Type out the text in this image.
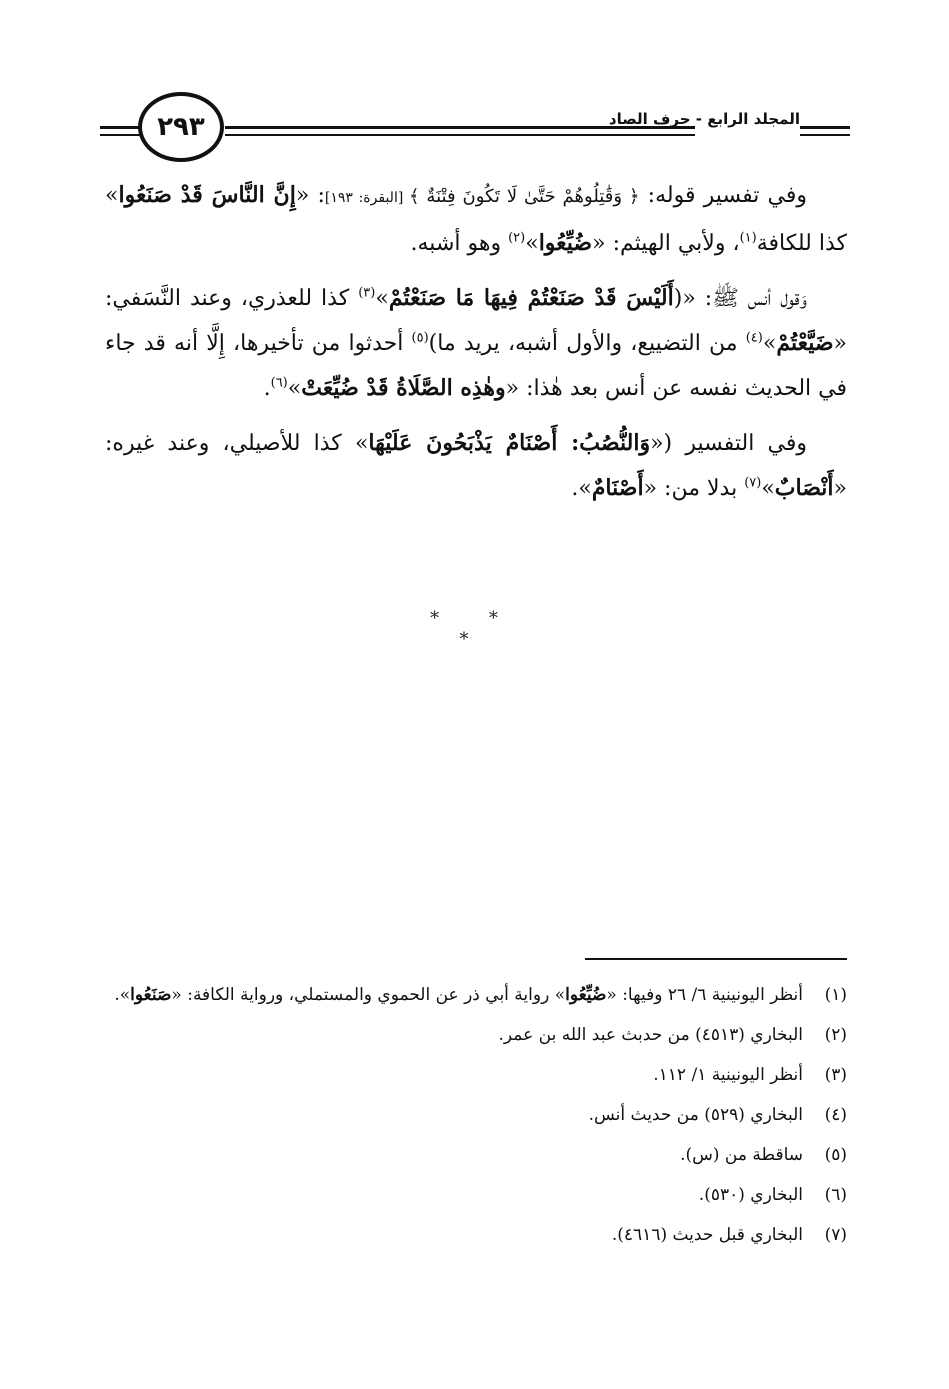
٢٩٣	المجلد الرابع - حرف الصاد

وفي تفسير قوله: ﴿ وَقَٰتِلُوهُمْ حَتَّىٰ لَا تَكُونَ فِتْنَةٌ ﴾ [البقرة: ١٩٣]: «إِنَّ النَّاسَ قَدْ صَنَعُوا» كذا للكافة$^{(١)}$، ولأبي الهيثم: «ضُيِّعُوا»$^{(٢)}$ وهو أشبه.

وَقول أنس ﷺ: «(أَلَيْسَ قَدْ صَنَعْتُمْ فِيهَا مَا صَنَعْتُمْ»$^{(٣)}$ كذا للعذري، وعند النَّسَفي: «ضَيَّعْتُمْ»$^{(٤)}$ من التضييع، والأول أشبه، يريد ما)$^{(٥)}$ أحدثوا من تأخيرها، إِلَّا أنه قد جاء في الحديث نفسه عن أنس بعد هٰذا: «وهٰذِه الصَّلَاةُ قَدْ ضُيِّعَتْ»$^{(٦)}$.

وفي التفسير («وَالنُّصُبُ: أَصْنَامٌ يَذْبَحُونَ عَلَيْهَا» كذا للأصيلي، وعند غيره: «أَنْصَابٌ»$^{(٧)}$ بدلا من: «أَصْنَامٌ».

* * *
(١)
أنظر اليونينية ٦/ ٢٦ وفيها: «ضُيِّعُوا» رواية أبي ذر عن الحموي والمستملي، ورواية الكافة: «صَنَعُوا».
(٢)
البخاري (٤٥١٣) من حدبث عبد الله بن عمر.
(٣)
أنظر اليونينية ١/ ١١٢.
(٤)
البخاري (٥٢٩) من حديث أنس.
(٥)
ساقطة من (س).
(٦)
البخاري (٥٣٠).
(٧)
البخاري قبل حديث (٤٦١٦).
